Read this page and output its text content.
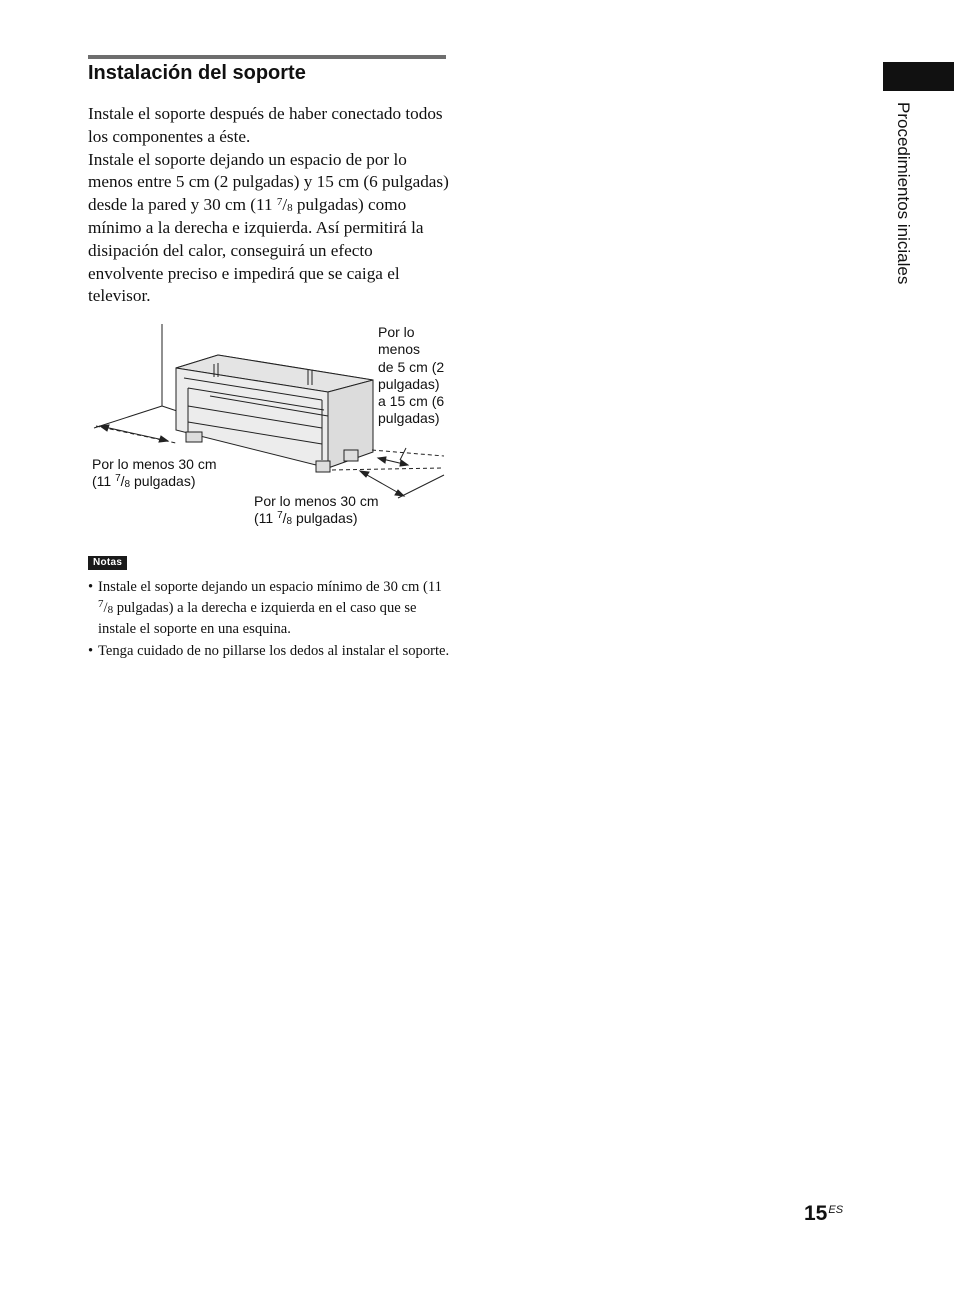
Instalación del soporte

Instale el soporte después de haber conectado todos los componentes a éste.

Instale el soporte dejando un espacio de por lo menos entre 5 cm (2 pulgadas) y 15 cm (6 pulgadas) desde la pared y 30 cm (11 $^7/_8$ pulgadas) como mínimo a la derecha e izquierda. Así permitirá la disipación del calor, conseguirá un efecto envolvente preciso e impedirá que se caiga el televisor.

Por lo
menos
de 5 cm (2
pulgadas)
a 15 cm (6
pulgadas)
Por lo menos 30 cm
(11 $^7/_8$ pulgadas)
Por lo menos 30 cm
(11 $^7/_8$ pulgadas)
Notas
• Instale el soporte dejando un espacio mínimo de 30 cm (11 $^7/_8$ pulgadas) a la derecha e izquierda en el caso que se instale el soporte en una esquina.
• Tenga cuidado de no pillarse los dedos al instalar el soporte.
Procedimientos iniciales
$15^{ES}$
